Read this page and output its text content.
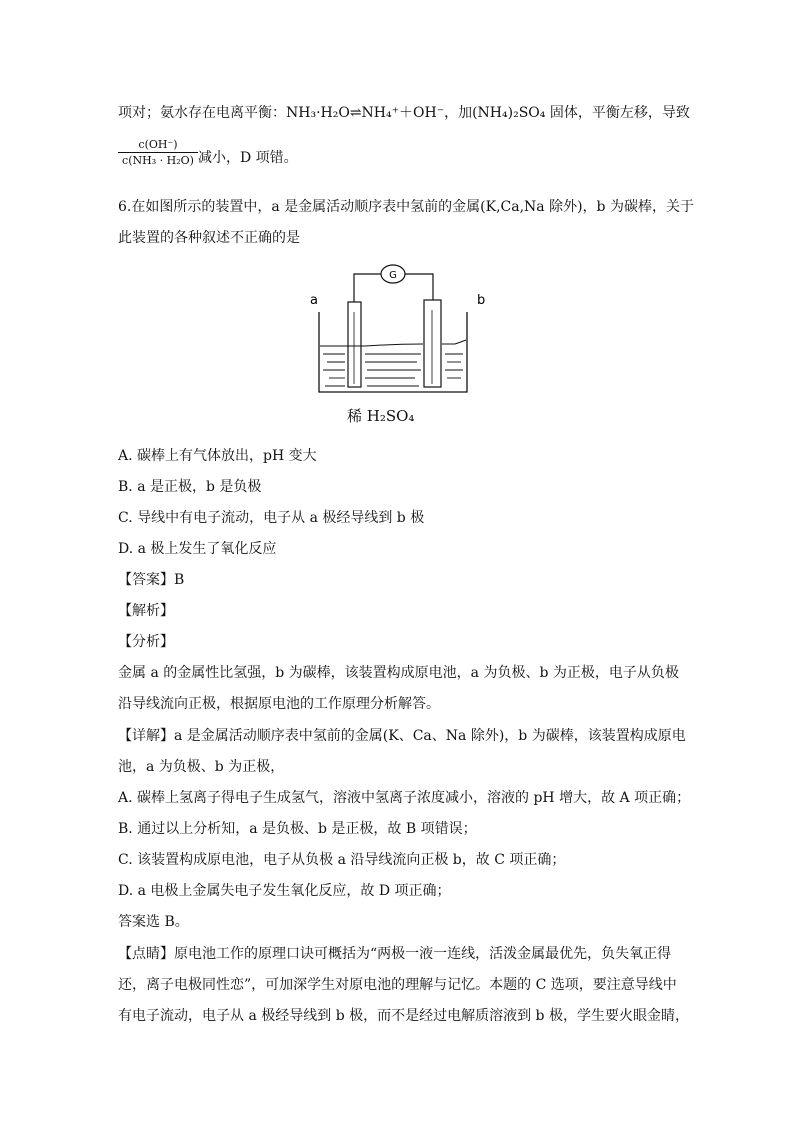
项对；氨水存在电离平衡：NH₃·H₂O⇌NH₄⁺＋OH⁻，加(NH₄)₂SO₄ 固体，平衡左移，导致
$\frac{c(OH^-)}{\text{c(NH₃ · H₂O)}}$ 减小，D 项错。
6.在如图所示的装置中，a 是金属活动顺序表中氢前的金属(K,Ca,Na 除外)，b 为碳棒，关于
此装置的各种叙述不正确的是
G
a	b
稀 H₂SO₄
A. 碳棒上有气体放出，pH 变大
B. a 是正极，b 是负极
C. 导线中有电子流动，电子从 a 极经导线到 b 极
D. a 极上发生了氧化反应
【答案】B
【解析】
【分析】
金属 a 的金属性比氢强，b 为碳棒，该装置构成原电池，a 为负极、b 为正极，电子从负极
沿导线流向正极，根据原电池的工作原理分析解答。
【详解】a 是金属活动顺序表中氢前的金属(K、Ca、Na 除外)，b 为碳棒，该装置构成原电
池，a 为负极、b 为正极，
A. 碳棒上氢离子得电子生成氢气，溶液中氢离子浓度减小，溶液的 pH 增大，故 A 项正确；
B. 通过以上分析知，a 是负极、b 是正极，故 B 项错误；
C. 该装置构成原电池，电子从负极 a 沿导线流向正极 b，故 C 项正确；
D. a 电极上金属失电子发生氧化反应，故 D 项正确；
答案选 B。
【点睛】原电池工作的原理口诀可概括为“两极一液一连线，活泼金属最优先，负失氧正得
还，离子电极同性恋”，可加深学生对原电池的理解与记忆。本题的 C 选项，要注意导线中
有电子流动，电子从 a 极经导线到 b 极，而不是经过电解质溶液到 b 极，学生要火眼金睛，
